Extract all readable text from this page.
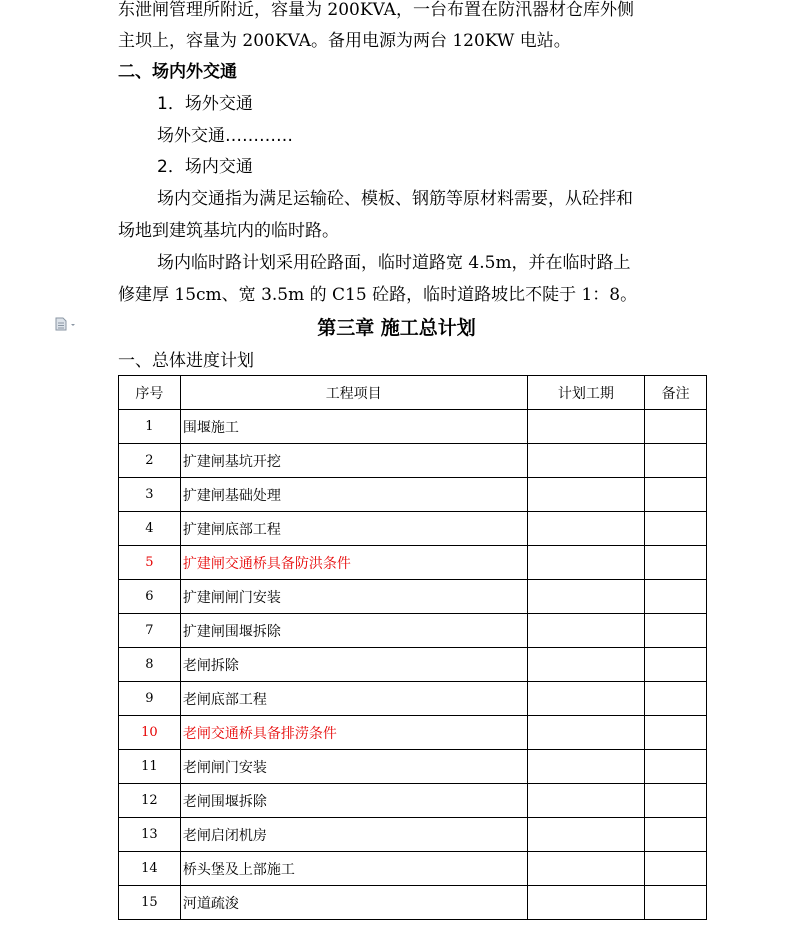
东泄闸管理所附近，容量为 200KVA，一台布置在防汛器材仓库外侧
主坝上，容量为 200KVA。备用电源为两台 120KW 电站。
二、场内外交通
1．场外交通
场外交通…………
2．场内交通
场内交通指为满足运输砼、模板、钢筋等原材料需要，从砼拌和
场地到建筑基坑内的临时路。
场内临时路计划采用砼路面，临时道路宽 4.5m，并在临时路上
修建厚 15cm、宽 3.5m 的 C15 砼路，临时道路坡比不陡于 1：8。
第三章 施工总计划
一、总体进度计划
序号	工程项目	计划工期	备注
1	围堰施工		
2	扩建闸基坑开挖		
3	扩建闸基础处理		
4	扩建闸底部工程		
5	扩建闸交通桥具备防洪条件		
6	扩建闸闸门安装		
7	扩建闸围堰拆除		
8	老闸拆除		
9	老闸底部工程		
10	老闸交通桥具备排涝条件		
11	老闸闸门安装		
12	老闸围堰拆除		
13	老闸启闭机房		
14	桥头堡及上部施工		
15	河道疏浚		
